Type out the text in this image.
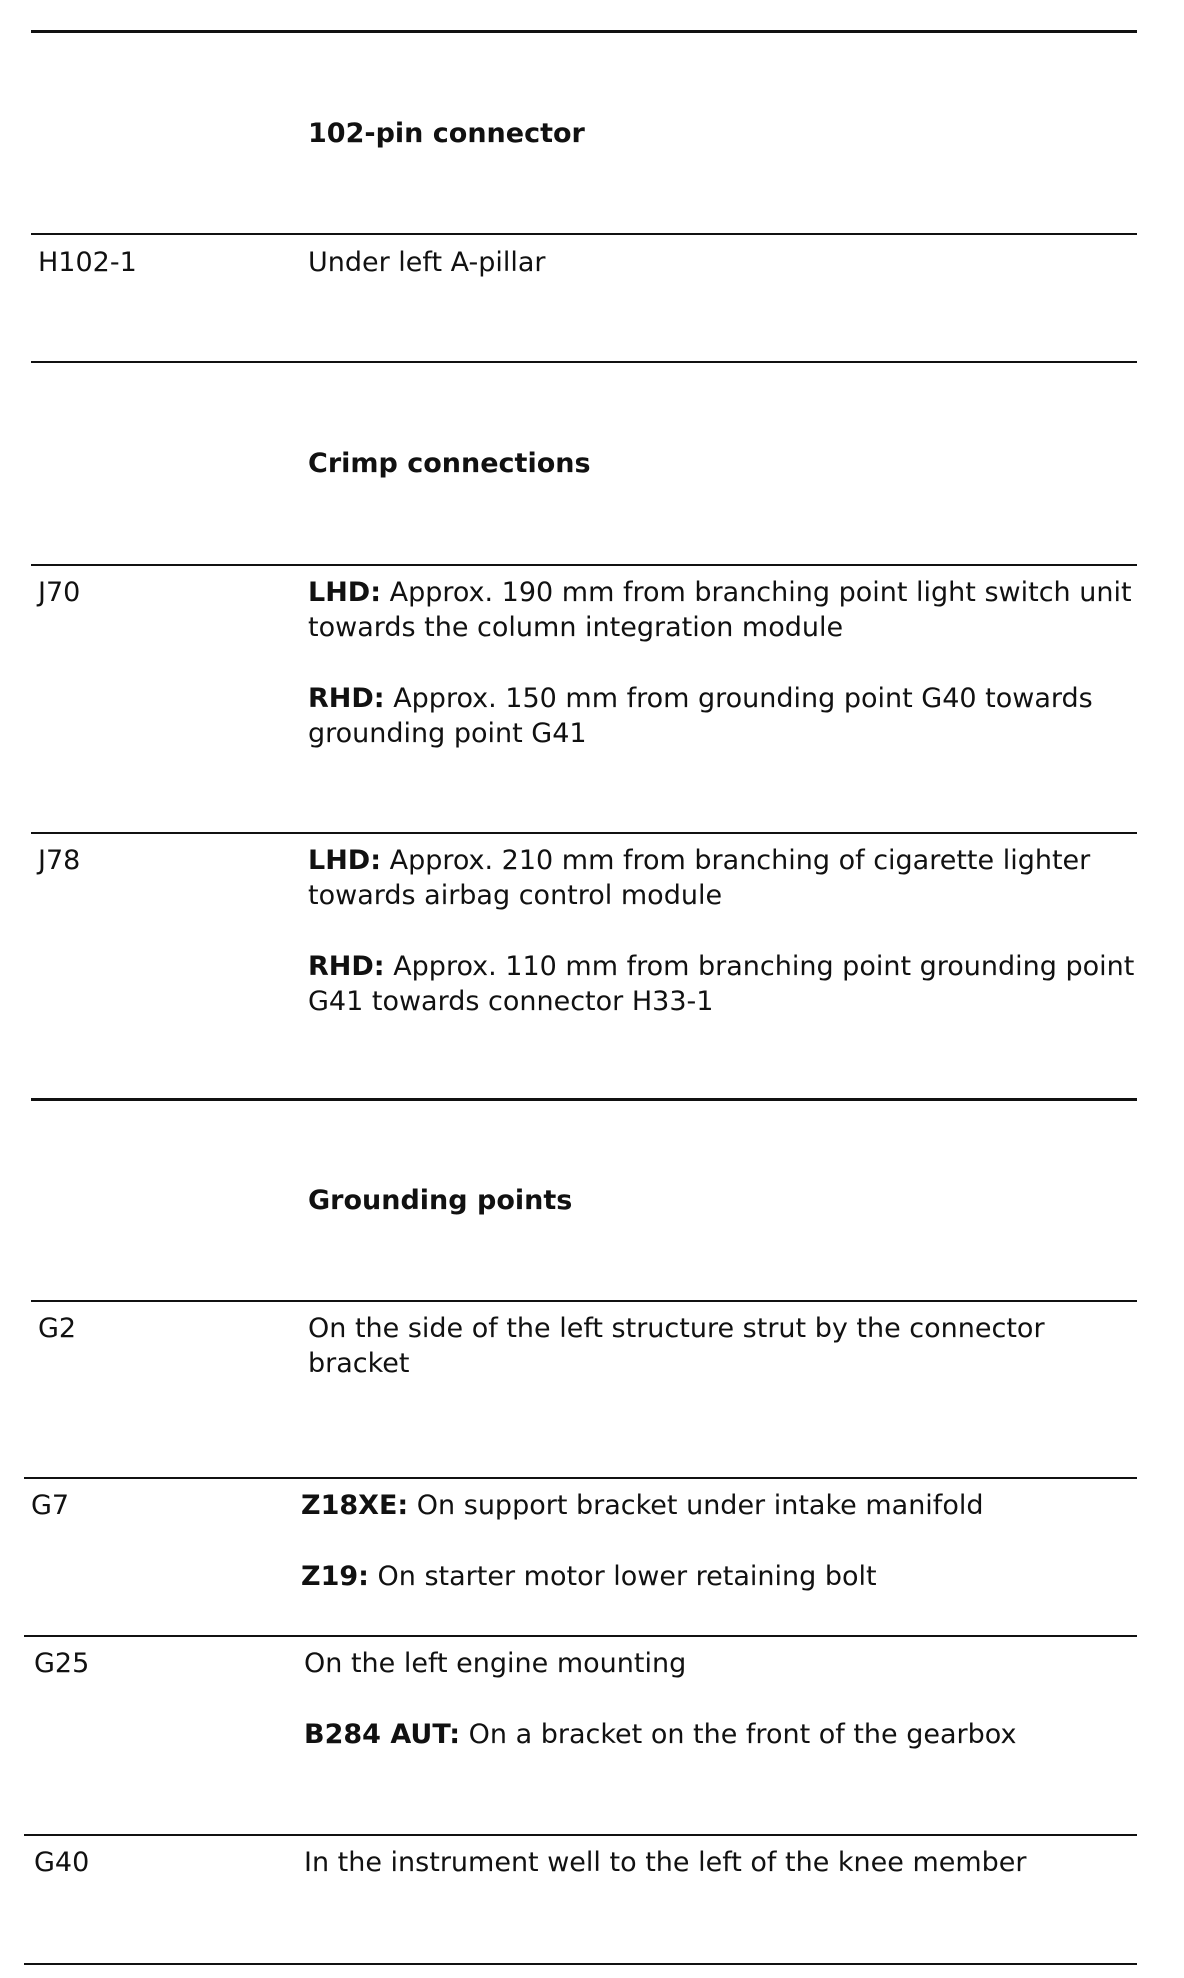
102-pin connector
H102-1	Under left A-pillar

Crimp connections
J70	LHD: Approx. 190 mm from branching point light switch unit towards the column integration module

RHD: Approx. 150 mm from grounding point G40 towards grounding point G41

J78	LHD: Approx. 210 mm from branching of cigarette lighter towards airbag control module

RHD: Approx. 110 mm from branching point grounding point G41 towards connector H33-1

Grounding points
G2	On the side of the left structure strut by the connector bracket

G7	Z18XE: On support bracket under intake manifold

Z19: On starter motor lower retaining bolt

G25	On the left engine mounting

B284 AUT: On a bracket on the front of the gearbox

G40	In the instrument well to the left of the knee member
